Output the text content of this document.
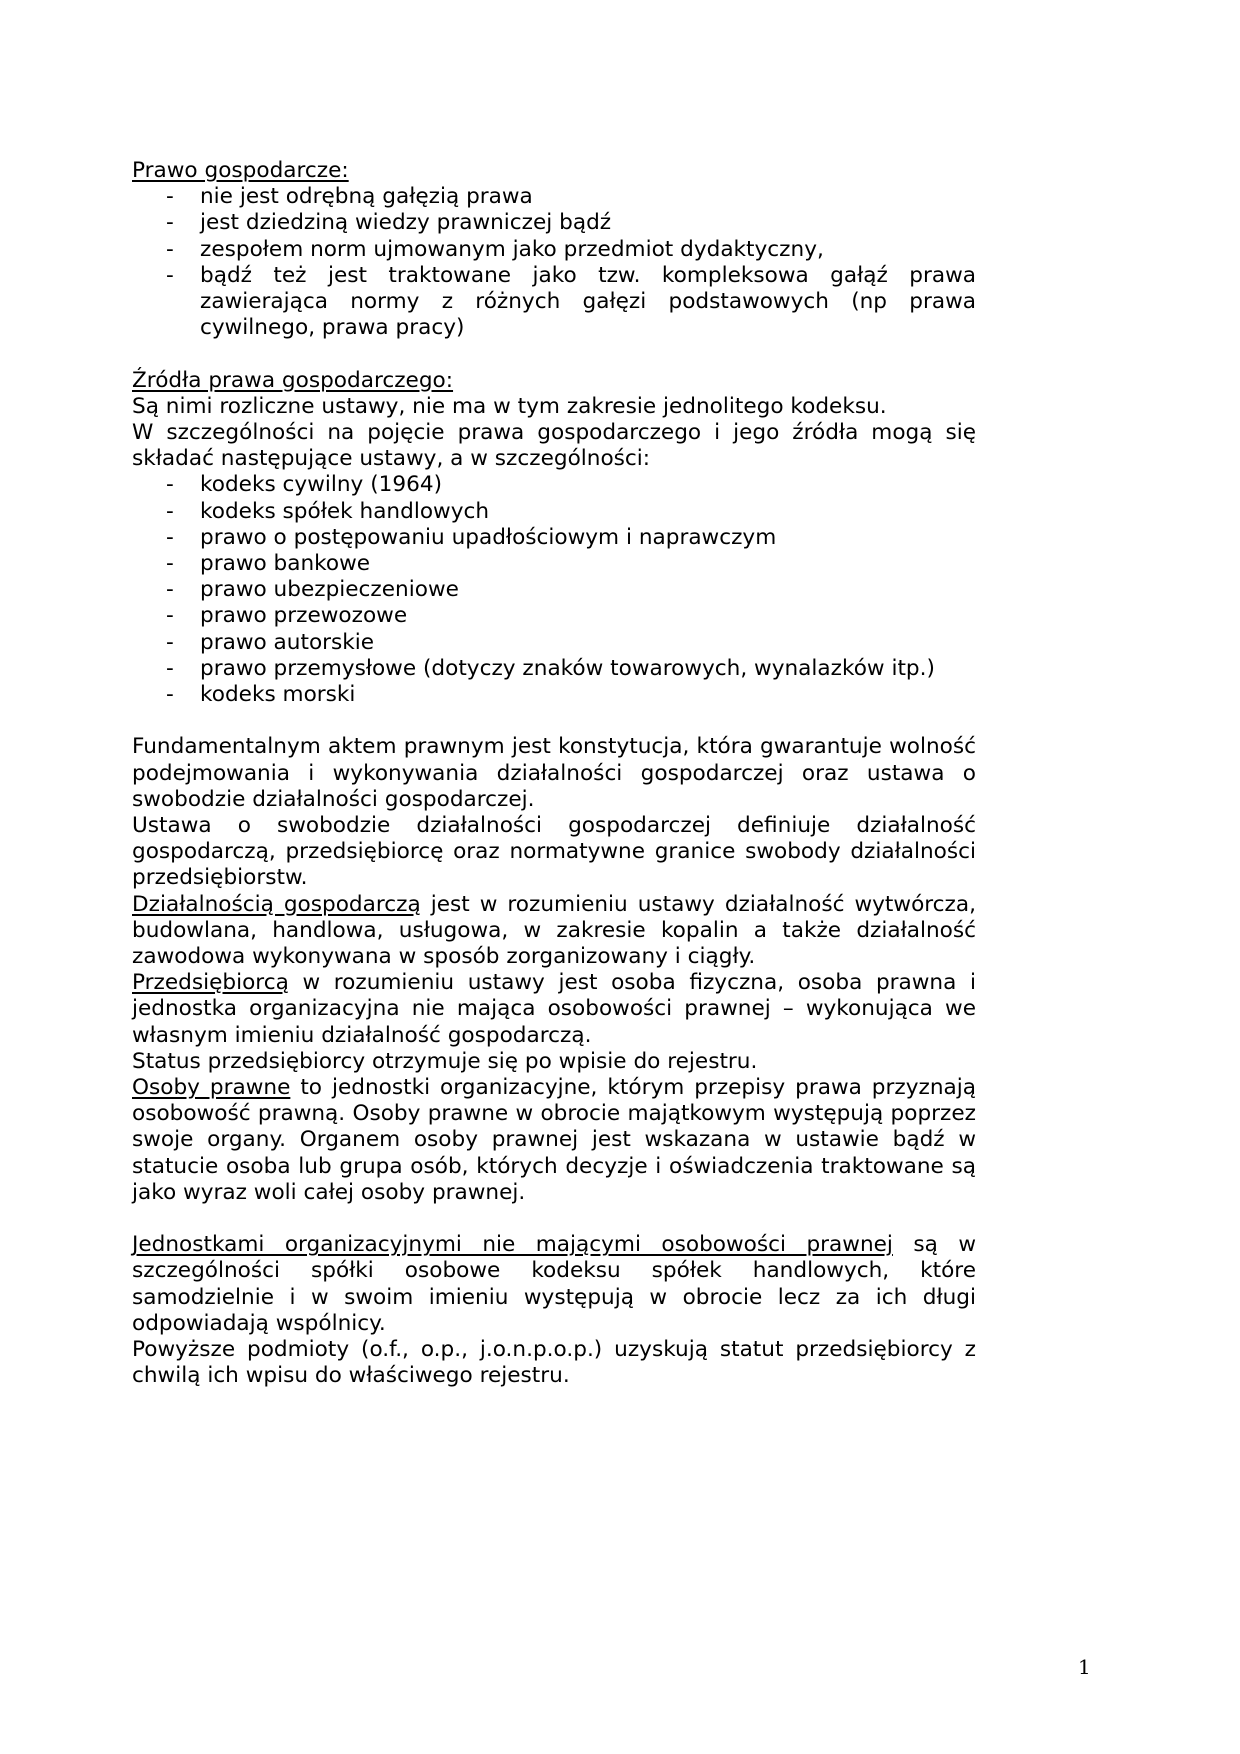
Prawo gospodarcze:
- nie jest odrębną gałęzią prawa
- jest dziedziną wiedzy prawniczej bądź
- zespołem norm ujmowanym jako przedmiot dydaktyczny,
- bądź też jest traktowane jako tzw. kompleksowa gałąź prawa zawierająca normy z różnych gałęzi podstawowych (np prawa cywilnego, prawa pracy)
Źródła prawa gospodarczego:

Są nimi rozliczne ustawy, nie ma w tym zakresie jednolitego kodeksu.

W szczególności na pojęcie prawa gospodarczego i jego źródła mogą się składać następujące ustawy, a w szczególności:

- kodeks cywilny (1964)
- kodeks spółek handlowych
- prawo o postępowaniu upadłościowym i naprawczym
- prawo bankowe
- prawo ubezpieczeniowe
- prawo przewozowe
- prawo autorskie
- prawo przemysłowe (dotyczy znaków towarowych, wynalazków itp.)
- kodeks morski

Fundamentalnym aktem prawnym jest konstytucja, która gwarantuje wolność podejmowania i wykonywania działalności gospodarczej oraz ustawa o swobodzie działalności gospodarczej.

Ustawa o swobodzie działalności gospodarczej definiuje działalność gospodarczą, przedsiębiorcę oraz normatywne granice swobody działalności przedsiębiorstw.

Działalnością gospodarczą jest w rozumieniu ustawy działalność wytwórcza, budowlana, handlowa, usługowa, w zakresie kopalin a także działalność zawodowa wykonywana w sposób zorganizowany i ciągły.

Przedsiębiorcą w rozumieniu ustawy jest osoba fizyczna, osoba prawna i jednostka organizacyjna nie mająca osobowości prawnej – wykonująca we własnym imieniu działalność gospodarczą.

Status przedsiębiorcy otrzymuje się po wpisie do rejestru.

Osoby prawne to jednostki organizacyjne, którym przepisy prawa przyznają osobowość prawną. Osoby prawne w obrocie majątkowym występują poprzez swoje organy. Organem osoby prawnej jest wskazana w ustawie bądź w statucie osoba lub grupa osób, których decyzje i oświadczenia traktowane są jako wyraz woli całej osoby prawnej.

Jednostkami organizacyjnymi nie mającymi osobowości prawnej są w szczególności spółki osobowe kodeksu spółek handlowych, które samodzielnie i w swoim imieniu występują w obrocie lecz za ich długi odpowiadają wspólnicy.

Powyższe podmioty (o.f., o.p., j.o.n.p.o.p.) uzyskują statut przedsiębiorcy z chwilą ich wpisu do właściwego rejestru.

1
